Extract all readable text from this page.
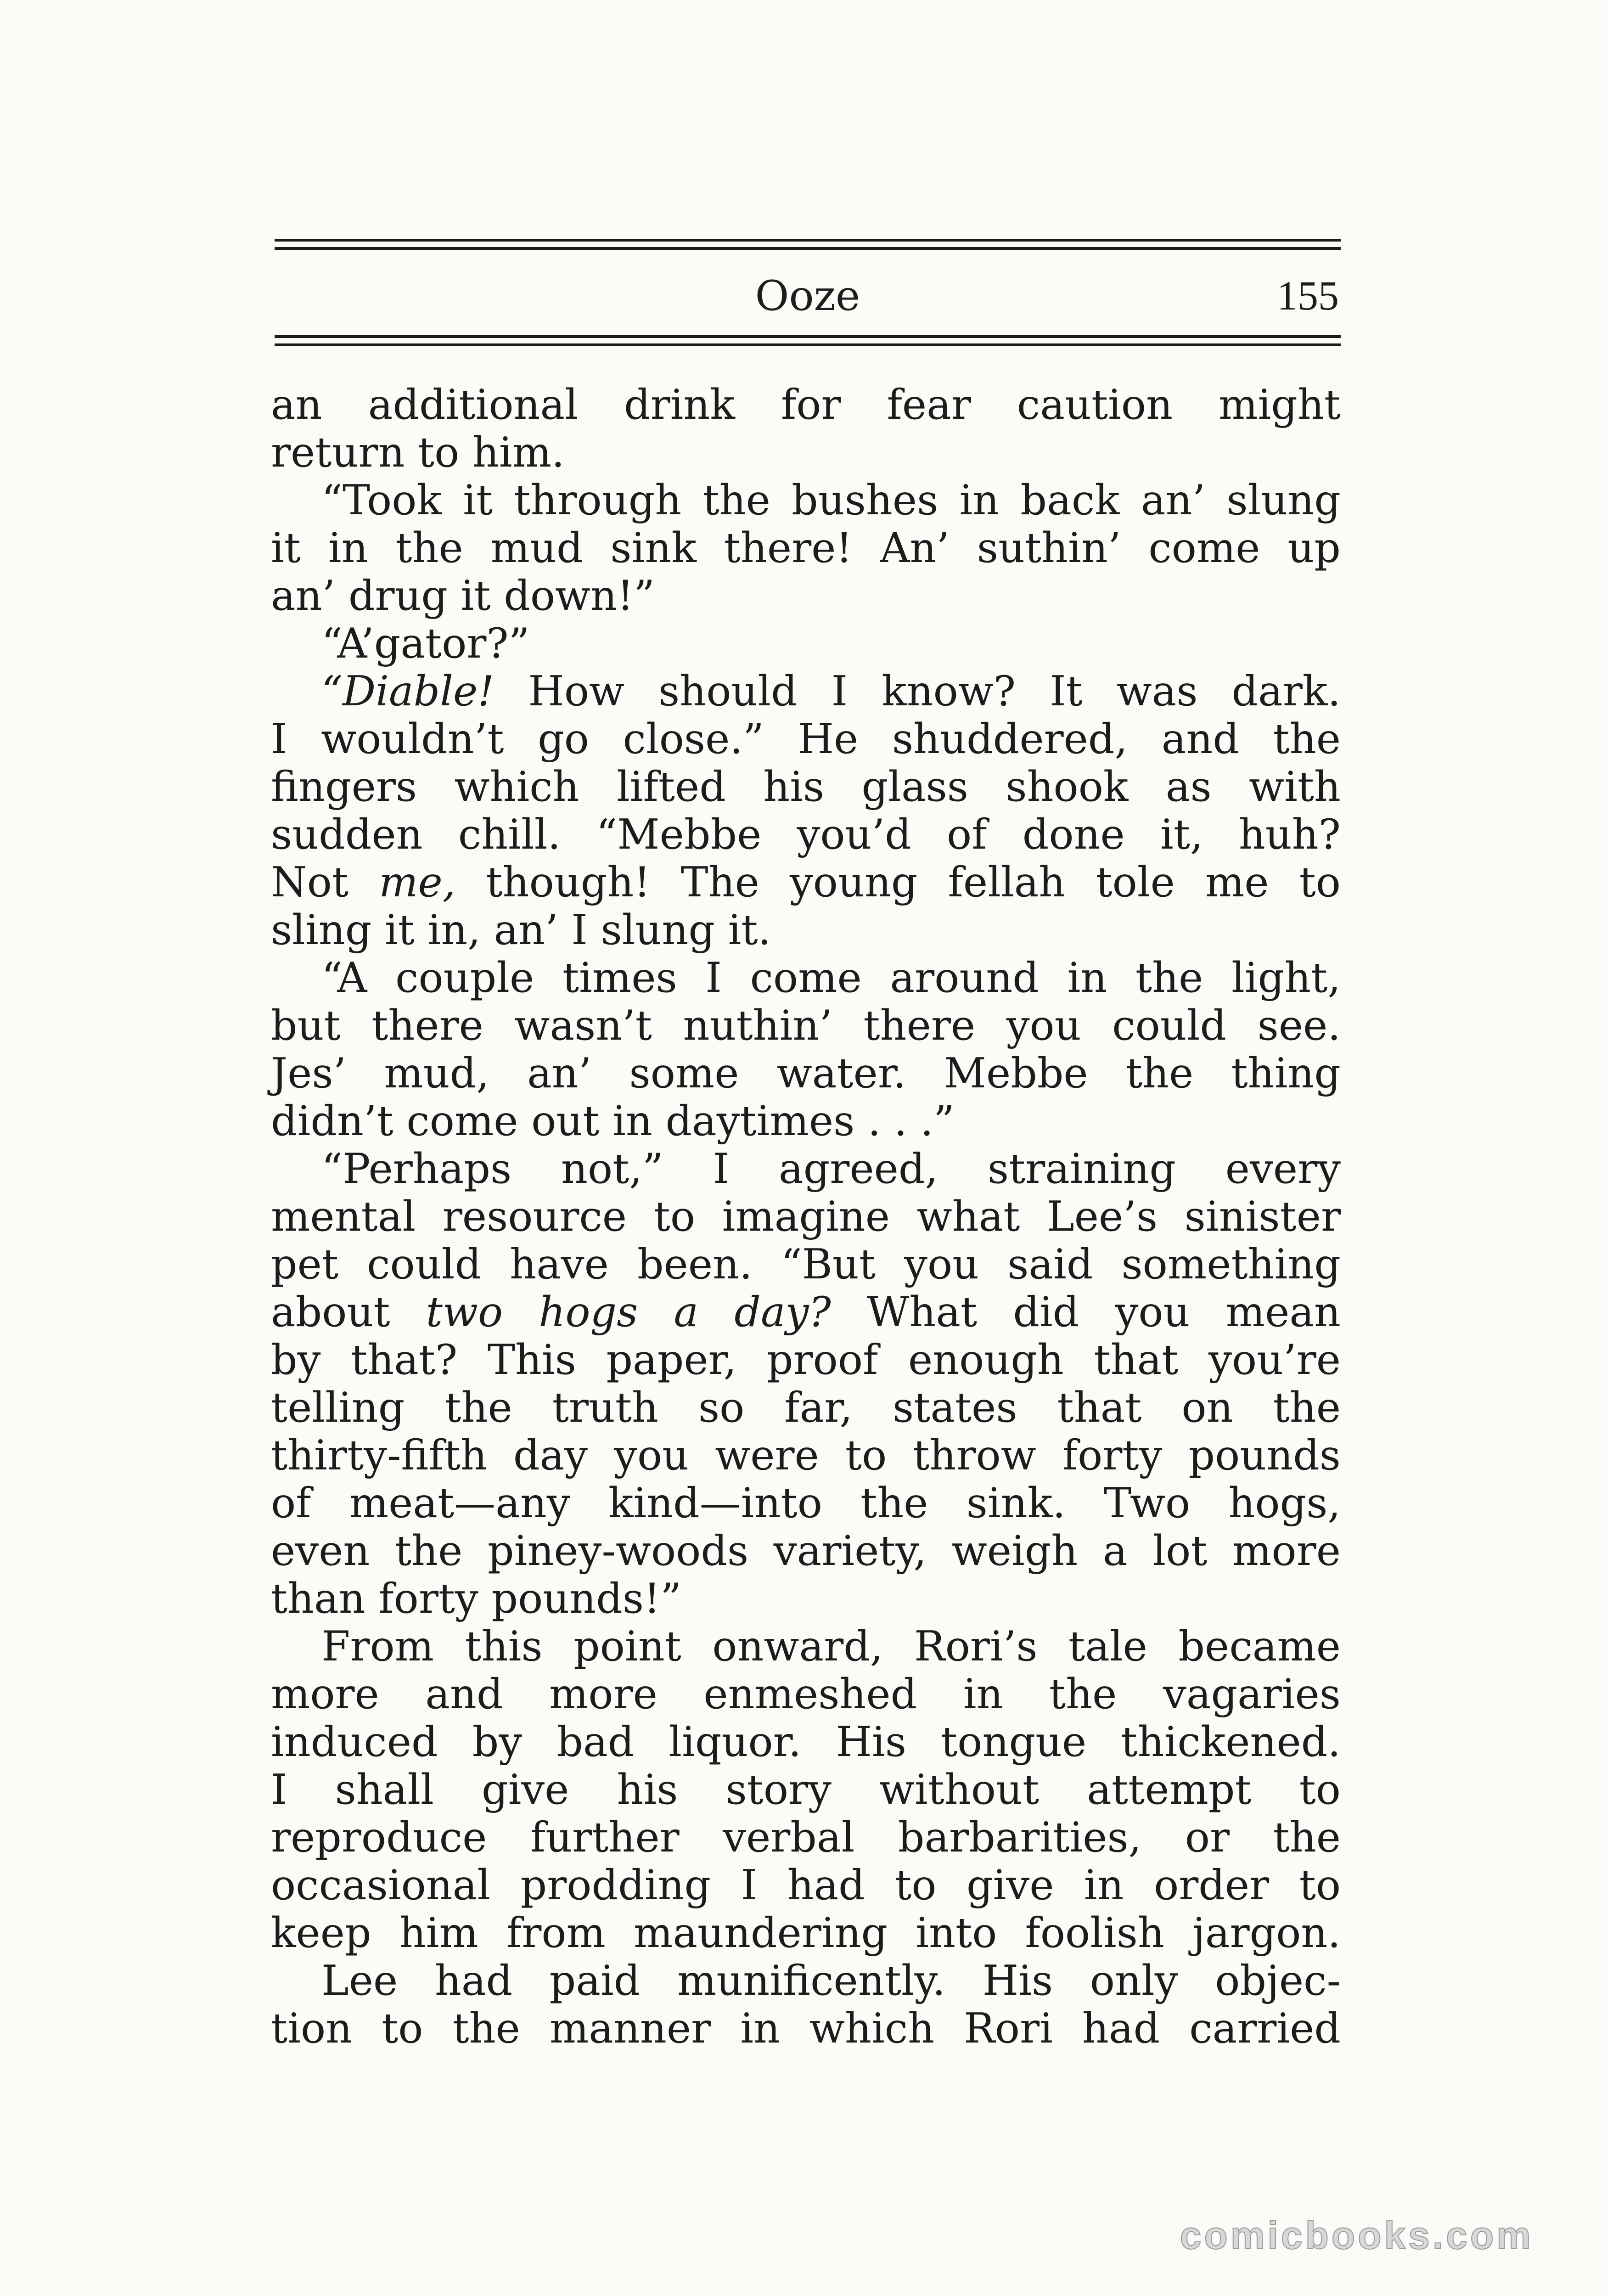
Ooze	155
an additional drink for fear caution might
return to him.
“Took it through the bushes in back an’ slung
it in the mud sink there! An’ suthin’ come up
an’ drug it down!”
“A’gator?”
“Diable! How should I know? It was dark.
I wouldn’t go close.” He shuddered, and the
fingers which lifted his glass shook as with
sudden chill. “Mebbe you’d of done it, huh?
Not me, though! The young fellah tole me to
sling it in, an’ I slung it.
“A couple times I come around in the light,
but there wasn’t nuthin’ there you could see.
Jes’ mud, an’ some water. Mebbe the thing
didn’t come out in daytimes . . .”
“Perhaps not,” I agreed, straining every
mental resource to imagine what Lee’s sinister
pet could have been. “But you said something
about two hogs a day? What did you mean
by that? This paper, proof enough that you’re
telling the truth so far, states that on the
thirty-fifth day you were to throw forty pounds
of meat—any kind—into the sink. Two hogs,
even the piney-woods variety, weigh a lot more
than forty pounds!”
From this point onward, Rori’s tale became
more and more enmeshed in the vagaries
induced by bad liquor. His tongue thickened.
I shall give his story without attempt to
reproduce further verbal barbarities, or the
occasional prodding I had to give in order to
keep him from maundering into foolish jargon.
Lee had paid munificently. His only objec-
tion to the manner in which Rori had carried
comicbooks.com
